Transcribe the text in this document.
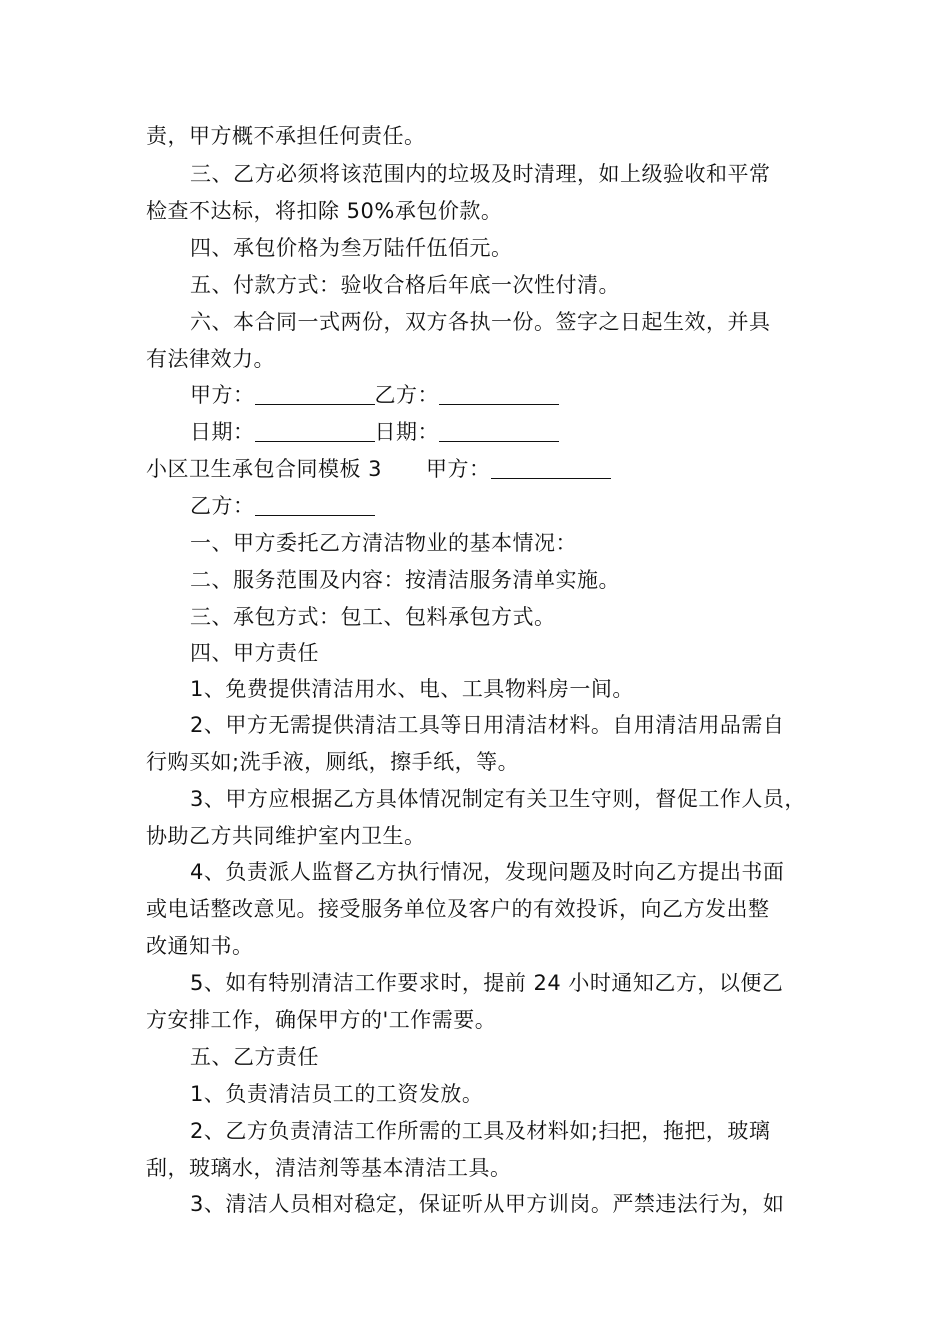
责，甲方概不承担任何责任。
三、乙方必须将该范围内的垃圾及时清理，如上级验收和平常
检查不达标，将扣除 50%承包价款。
四、承包价格为叁万陆仟伍佰元。
五、付款方式：验收合格后年底一次性付清。
六、本合同一式两份，双方各执一份。签字之日起生效，并具
有法律效力。
甲方：	乙方：
日期：	日期：
小区卫生承包合同模板 3 甲方：
乙方：
一、甲方委托乙方清洁物业的基本情况：
二、服务范围及内容：按清洁服务清单实施。
三、承包方式：包工、包料承包方式。
四、甲方责任
1、免费提供清洁用水、电、工具物料房一间。
2、甲方无需提供清洁工具等日用清洁材料。自用清洁用品需自
行购买如;洗手液，厕纸，擦手纸，等。
3、甲方应根据乙方具体情况制定有关卫生守则，督促工作人员，
协助乙方共同维护室内卫生。
4、负责派人监督乙方执行情况，发现问题及时向乙方提出书面
或电话整改意见。接受服务单位及客户的有效投诉，向乙方发出整
改通知书。
5、如有特别清洁工作要求时，提前 24 小时通知乙方，以便乙
方安排工作，确保甲方的'工作需要。
五、乙方责任
1、负责清洁员工的工资发放。
2、乙方负责清洁工作所需的工具及材料如;扫把，拖把，玻璃
刮，玻璃水，清洁剂等基本清洁工具。
3、清洁人员相对稳定，保证听从甲方训岗。严禁违法行为，如
